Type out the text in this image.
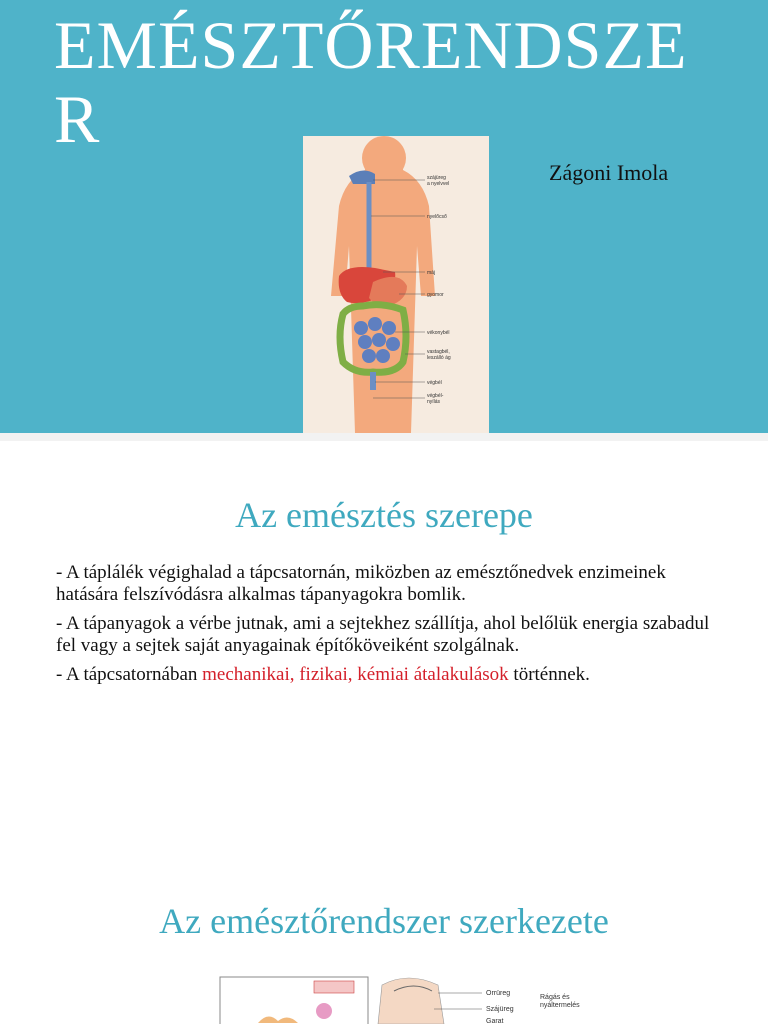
EMÉSZTŐRENDSZER
Zágoni Imola
szájüreg
a nyelvvel
nyelőcső
máj
gyomor
vékonybél
vastagbél,
leszálló ág
végbél
végbél-
nyílás
Az emésztés szerepe

- A táplálék végighalad a tápcsatornán, miközben az emésztőnedvek enzimeinek hatására felszívódásra alkalmas tápanyagokra bomlik.

- A tápanyagok a vérbe jutnak, ami a sejtekhez szállítja, ahol belőlük energia szabadul fel vagy a sejtek saját anyagainak építőköveiként szolgálnak.

- A tápcsatornában mechanikai, fizikai, kémiai átalakulások történnek.

Az emésztőrendszer szerkezete
Orrüreg
Szájüreg
Garat
Rágás és
nyáltermelés
